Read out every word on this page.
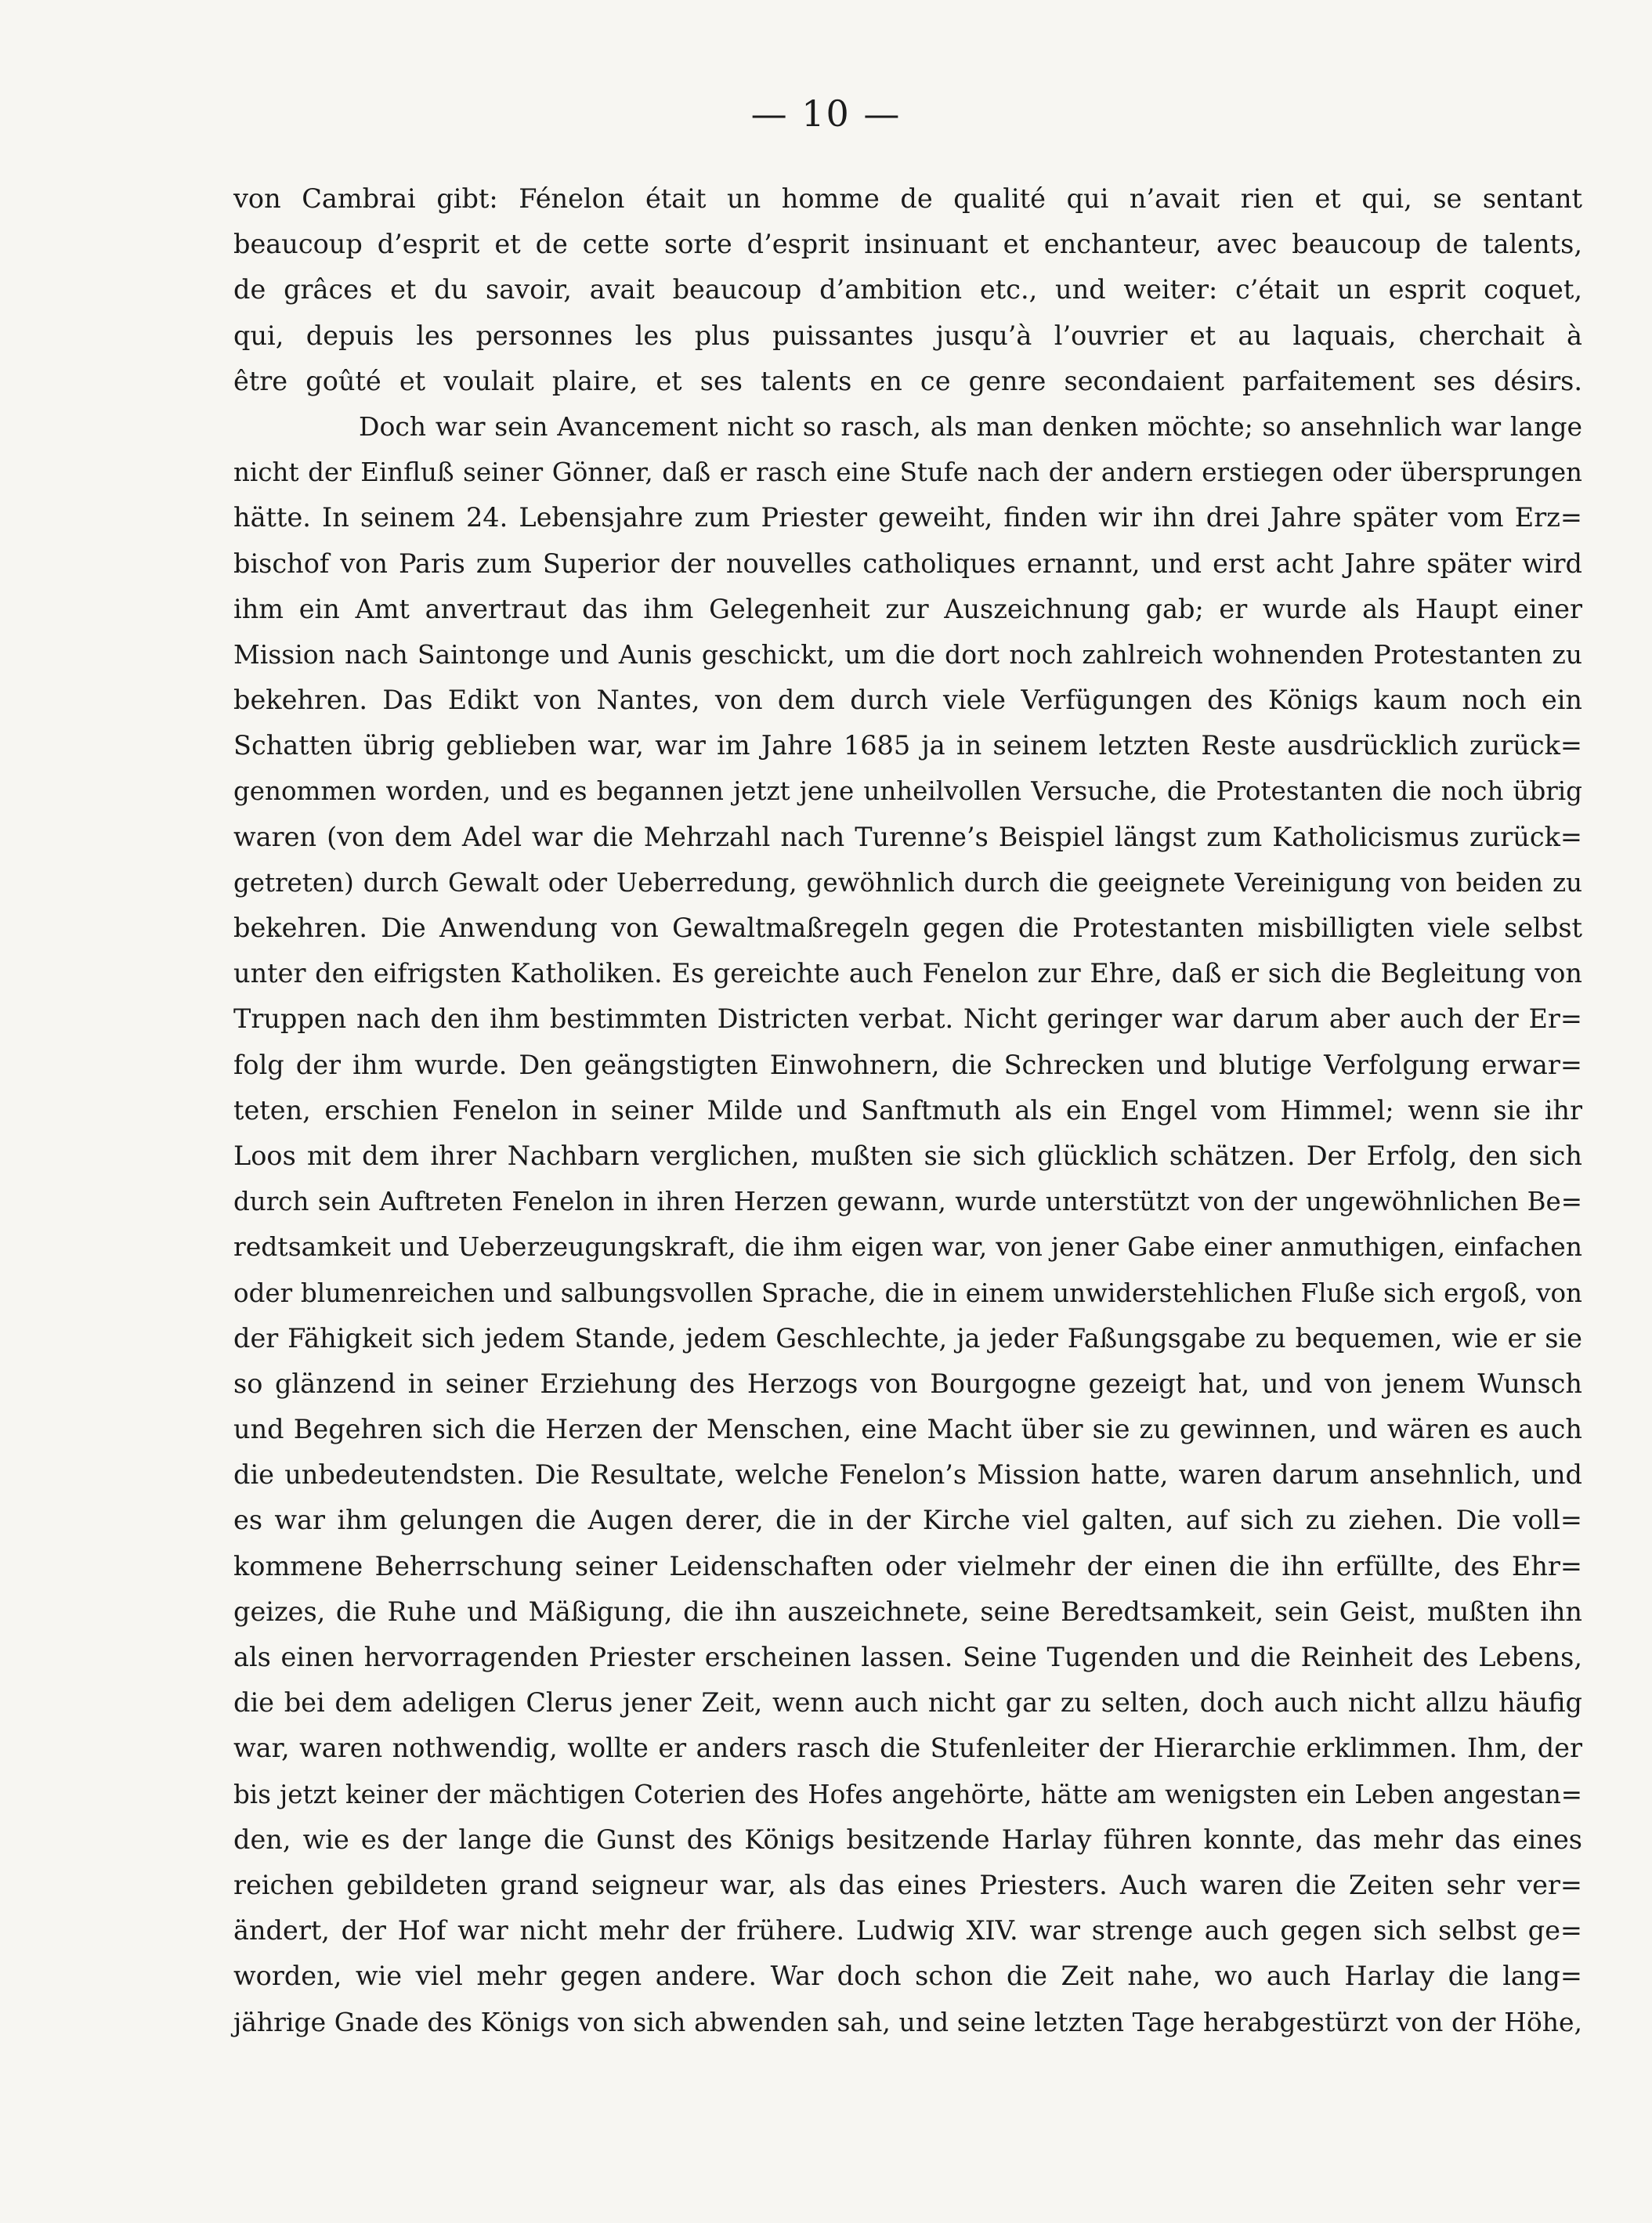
— 10 —
von Cambrai gibt: Fénelon était un homme de qualité qui n’avait rien et qui, se sentant
beaucoup d’esprit et de cette sorte d’esprit insinuant et enchanteur, avec beaucoup de talents,
de grâces et du savoir, avait beaucoup d’ambition etc., und weiter: c’était un esprit coquet,
qui, depuis les personnes les plus puissantes jusqu’à l’ouvrier et au laquais, cherchait à
être goûté et voulait plaire, et ses talents en ce genre secondaient parfaitement ses désirs.
Doch war sein Avancement nicht so rasch, als man denken möchte; so ansehnlich war lange
nicht der Einfluß seiner Gönner, daß er rasch eine Stufe nach der andern erstiegen oder übersprungen
hätte. In seinem 24. Lebensjahre zum Priester geweiht, finden wir ihn drei Jahre später vom Erz=
bischof von Paris zum Superior der nouvelles catholiques ernannt, und erst acht Jahre später wird
ihm ein Amt anvertraut das ihm Gelegenheit zur Auszeichnung gab; er wurde als Haupt einer
Mission nach Saintonge und Aunis geschickt, um die dort noch zahlreich wohnenden Protestanten zu
bekehren. Das Edikt von Nantes, von dem durch viele Verfügungen des Königs kaum noch ein
Schatten übrig geblieben war, war im Jahre 1685 ja in seinem letzten Reste ausdrücklich zurück=
genommen worden, und es begannen jetzt jene unheilvollen Versuche, die Protestanten die noch übrig
waren (von dem Adel war die Mehrzahl nach Turenne’s Beispiel längst zum Katholicismus zurück=
getreten) durch Gewalt oder Ueberredung, gewöhnlich durch die geeignete Vereinigung von beiden zu
bekehren. Die Anwendung von Gewaltmaßregeln gegen die Protestanten misbilligten viele selbst
unter den eifrigsten Katholiken. Es gereichte auch Fenelon zur Ehre, daß er sich die Begleitung von
Truppen nach den ihm bestimmten Districten verbat. Nicht geringer war darum aber auch der Er=
folg der ihm wurde. Den geängstigten Einwohnern, die Schrecken und blutige Verfolgung erwar=
teten, erschien Fenelon in seiner Milde und Sanftmuth als ein Engel vom Himmel; wenn sie ihr
Loos mit dem ihrer Nachbarn verglichen, mußten sie sich glücklich schätzen. Der Erfolg, den sich
durch sein Auftreten Fenelon in ihren Herzen gewann, wurde unterstützt von der ungewöhnlichen Be=
redtsamkeit und Ueberzeugungskraft, die ihm eigen war, von jener Gabe einer anmuthigen, einfachen
oder blumenreichen und salbungsvollen Sprache, die in einem unwiderstehlichen Fluße sich ergoß, von
der Fähigkeit sich jedem Stande, jedem Geschlechte, ja jeder Faßungsgabe zu bequemen, wie er sie
so glänzend in seiner Erziehung des Herzogs von Bourgogne gezeigt hat, und von jenem Wunsch
und Begehren sich die Herzen der Menschen, eine Macht über sie zu gewinnen, und wären es auch
die unbedeutendsten. Die Resultate, welche Fenelon’s Mission hatte, waren darum ansehnlich, und
es war ihm gelungen die Augen derer, die in der Kirche viel galten, auf sich zu ziehen. Die voll=
kommene Beherrschung seiner Leidenschaften oder vielmehr der einen die ihn erfüllte, des Ehr=
geizes, die Ruhe und Mäßigung, die ihn auszeichnete, seine Beredtsamkeit, sein Geist, mußten ihn
als einen hervorragenden Priester erscheinen lassen. Seine Tugenden und die Reinheit des Lebens,
die bei dem adeligen Clerus jener Zeit, wenn auch nicht gar zu selten, doch auch nicht allzu häufig
war, waren nothwendig, wollte er anders rasch die Stufenleiter der Hierarchie erklimmen. Ihm, der
bis jetzt keiner der mächtigen Coterien des Hofes angehörte, hätte am wenigsten ein Leben angestan=
den, wie es der lange die Gunst des Königs besitzende Harlay führen konnte, das mehr das eines
reichen gebildeten grand seigneur war, als das eines Priesters. Auch waren die Zeiten sehr ver=
ändert, der Hof war nicht mehr der frühere. Ludwig XIV. war strenge auch gegen sich selbst ge=
worden, wie viel mehr gegen andere. War doch schon die Zeit nahe, wo auch Harlay die lang=
jährige Gnade des Königs von sich abwenden sah, und seine letzten Tage herabgestürzt von der Höhe,
